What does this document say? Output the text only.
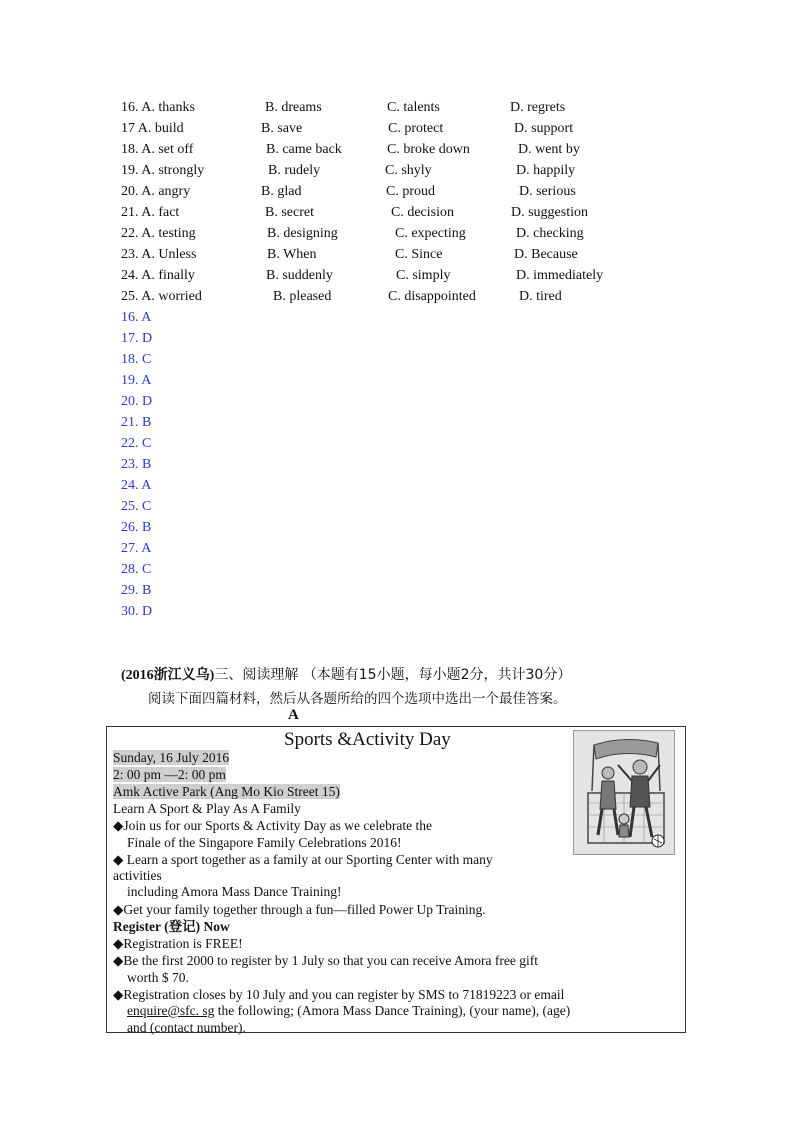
16. A. thanks	B. dreams	C. talents	D. regrets
17 A. build	B. save	C. protect	D. support
18. A. set off	B. came back	C. broke down	D. went by
19. A. strongly	B. rudely	C. shyly	D. happily
20. A. angry	B. glad	C. proud	D. serious
21. A. fact	B. secret	C. decision	D. suggestion
22. A. testing	B. designing	C. expecting	D. checking
23. A. Unless	B. When	C. Since	D. Because
24. A. finally	B. suddenly	C. simply	D. immediately
25. A. worried	B. pleased	C. disappointed	D. tired
16. A
17. D
18. C
19. A
20. D
21. B
22. C
23. B
24. A
25. C
26. B
27. A
28. C
29. B
30. D
(2016浙江义乌)三、阅读理解 （本题有15小题，每小题2分，共计30分）
阅读下面四篇材料，然后从各题所给的四个选项中选出一个最佳答案。
A
Sports &Activity Day
Sunday, 16 July 2016
2: 00 pm —2: 00 pm
Amk Active Park (Ang Mo Kio Street 15)
Learn A Sport & Play As A Family
◆Join us for our Sports & Activity Day as we celebrate the
Finale of the Singapore Family Celebrations 2016!
◆ Learn a sport together as a family at our Sporting Center with many
activities
including Amora Mass Dance Training!
◆Get your family together through a fun—filled Power Up Training.
Register (登记) Now
◆Registration is FREE!
◆Be the first 2000 to register by 1 July so that you can receive Amora free gift
worth $ 70.
◆Registration closes by 10 July and you can register by SMS to 71819223 or email
enquire@sfc. sg the following; (Amora Mass Dance Training), (your name), (age)
and (contact number).
